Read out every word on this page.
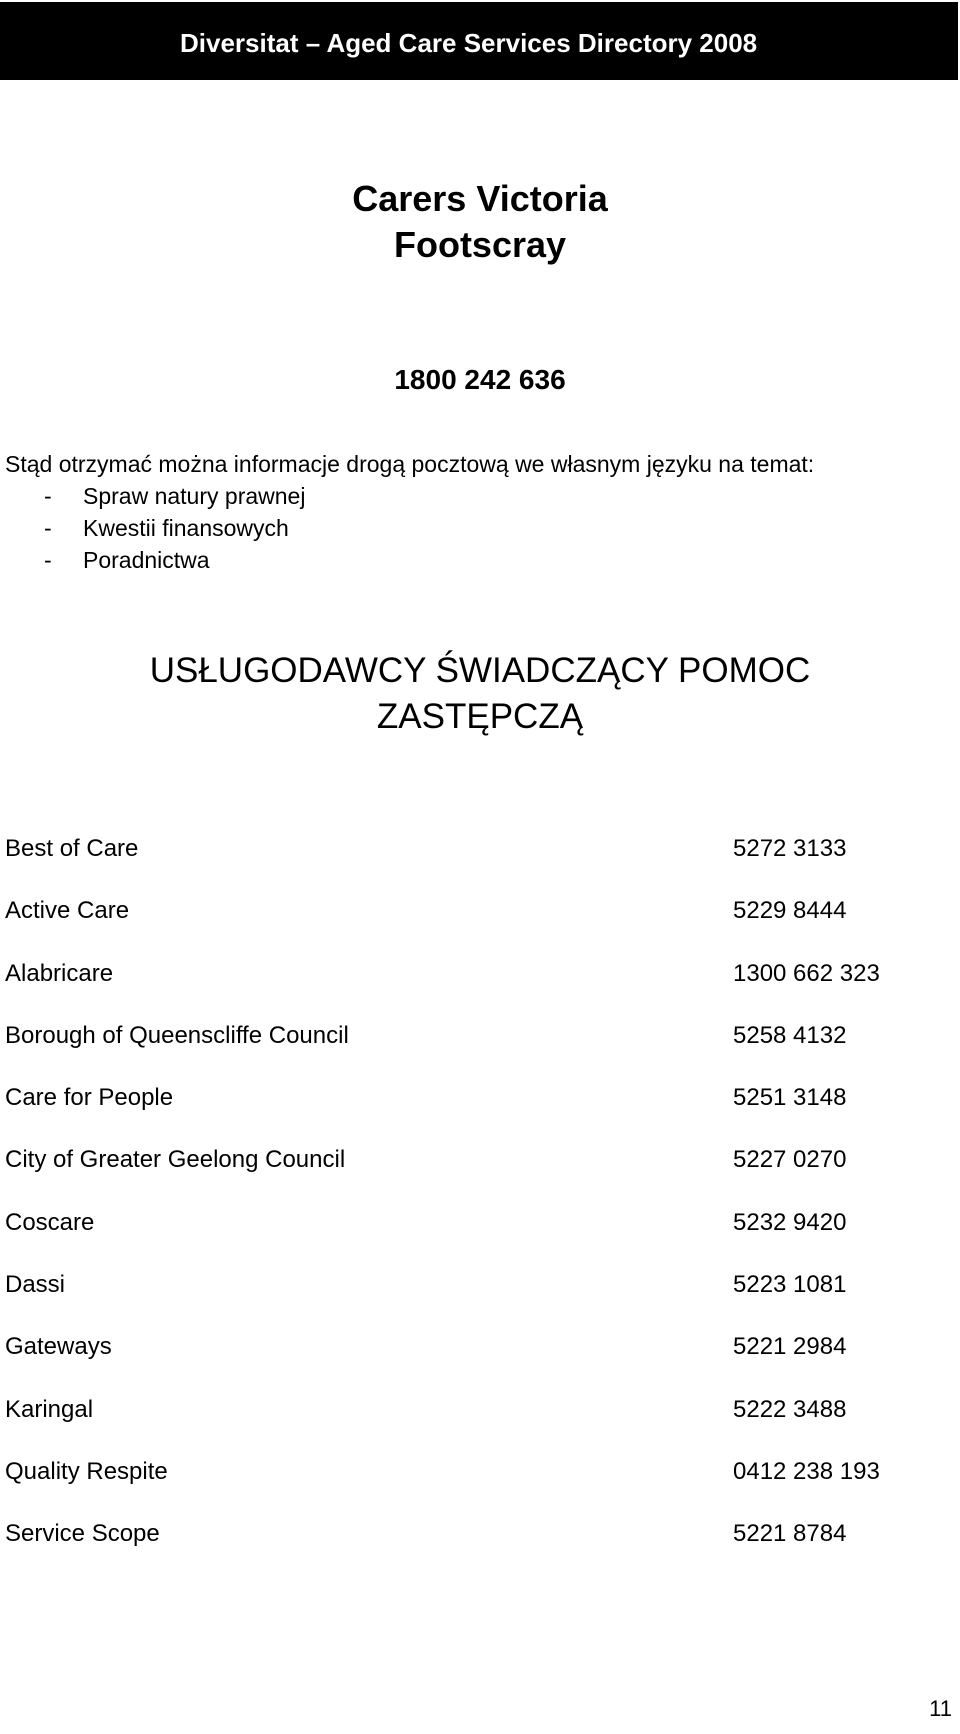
Diversitat – Aged Care Services Directory 2008
Carers Victoria
Footscray
1800 242 636
Stąd otrzymać można informacje drogą pocztową we własnym języku na temat:
- Spraw natury prawnej
- Kwestii finansowych
- Poradnictwa
USŁUGODAWCY ŚWIADCZĄCY POMOC
ZASTĘPCZĄ
Best of Care	5272 3133
Active Care	5229 8444
Alabricare	1300 662 323
Borough of Queenscliffe Council	5258 4132
Care for People	5251 3148
City of Greater Geelong Council	5227 0270
Coscare	5232 9420
Dassi	5223 1081
Gateways	5221 2984
Karingal	5222 3488
Quality Respite	0412 238 193
Service Scope	5221 8784
11
